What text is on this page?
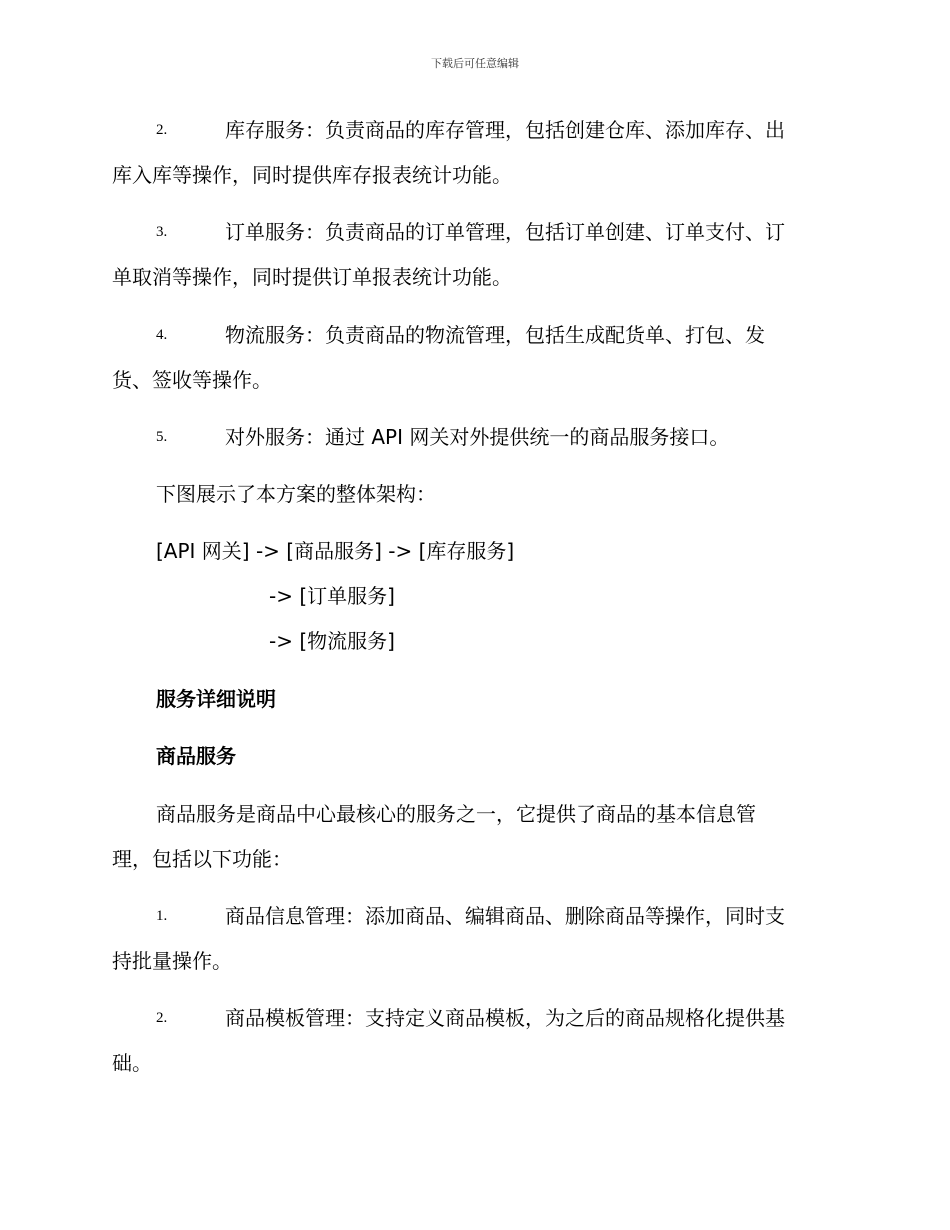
下载后可任意编辑
2.	库存服务：负责商品的库存管理，包括创建仓库、添加库存、出
库入库等操作，同时提供库存报表统计功能。
3.	订单服务：负责商品的订单管理，包括订单创建、订单支付、订
单取消等操作，同时提供订单报表统计功能。
4.	物流服务：负责商品的物流管理，包括生成配货单、打包、发
货、签收等操作。
5.	对外服务：通过 API 网关对外提供统一的商品服务接口。
下图展示了本方案的整体架构：
[API 网关] -> [商品服务] -> [库存服务]
-> [订单服务]
-> [物流服务]
服务详细说明
商品服务
商品服务是商品中心最核心的服务之一，它提供了商品的基本信息管
理，包括以下功能：
1.	商品信息管理：添加商品、编辑商品、删除商品等操作，同时支
持批量操作。
2.	商品模板管理：支持定义商品模板，为之后的商品规格化提供基
础。
